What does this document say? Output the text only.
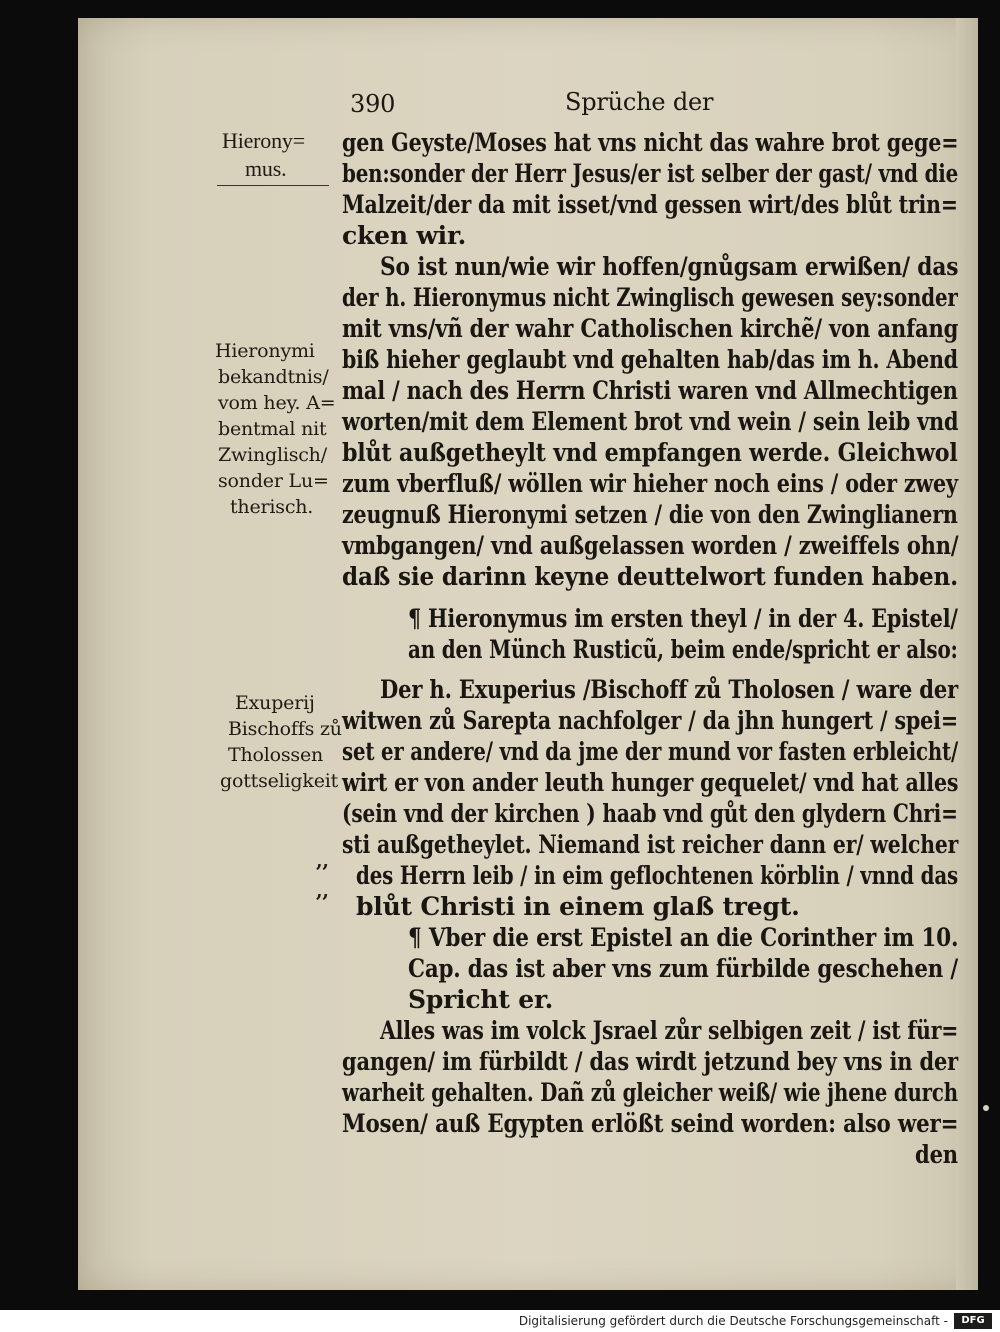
390	Sprüche der
Hierony=
mus.
Hieronymi
bekandtnis/
vom hey. A=
bentmal nit
Zwinglisch/
sonder Lu=
therisch.
Exuperij
Bischoffs zů
Tholossen
gottseligkeit
,,
,,
gen Geyste/Moses hat vns nicht das wahre brot gege=
ben:sonder der Herr Jesus/er ist selber der gast/ vnd die
Malzeit/der da mit isset/vnd gessen wirt/des blůt trin=
cken wir.
So ist nun/wie wir hoffen/gnůgsam erwißen/ das
der h. Hieronymus nicht Zwinglisch gewesen sey:sonder
mit vns/vñ der wahr Catholischen kirchẽ/ von anfang
biß hieher geglaubt vnd gehalten hab/das im h. Abend
mal / nach des Herrn Christi waren vnd Allmechtigen
worten/mit dem Element brot vnd wein / sein leib vnd
blůt außgetheylt vnd empfangen werde. Gleichwol
zum vberfluß/ wöllen wir hieher noch eins / oder zwey
zeugnuß Hieronymi setzen / die von den Zwinglianern
vmbgangen/ vnd außgelassen worden / zweiffels ohn/
daß sie darinn keyne deuttelwort funden haben.
¶ Hieronymus im ersten theyl / in der 4. Epistel/
an den Münch Rusticũ, beim ende/spricht er also:
Der h. Exuperius /Bischoff zů Tholosen / ware der
witwen zů Sarepta nachfolger / da jhn hungert / spei=
set er andere/ vnd da jme der mund vor fasten erbleicht/
wirt er von ander leuth hunger gequelet/ vnd hat alles
(sein vnd der kirchen ) haab vnd gůt den glydern Chri=
sti außgetheylet. Niemand ist reicher dann er/ welcher
des Herrn leib / in eim geflochtenen körblin / vnnd das
blůt Christi in einem glaß tregt.
¶ Vber die erst Epistel an die Corinther im 10.
Cap. das ist aber vns zum fürbilde geschehen /
Spricht er.
Alles was im volck Jsrael zůr selbigen zeit / ist für=
gangen/ im fürbildt / das wirdt jetzund bey vns in der
warheit gehalten. Dañ zů gleicher weiß/ wie jhene durch
Mosen/ auß Egypten erlößt seind worden: also wer=
den
Digitalisierung gefördert durch die Deutsche Forschungsgemeinschaft -	DFG
